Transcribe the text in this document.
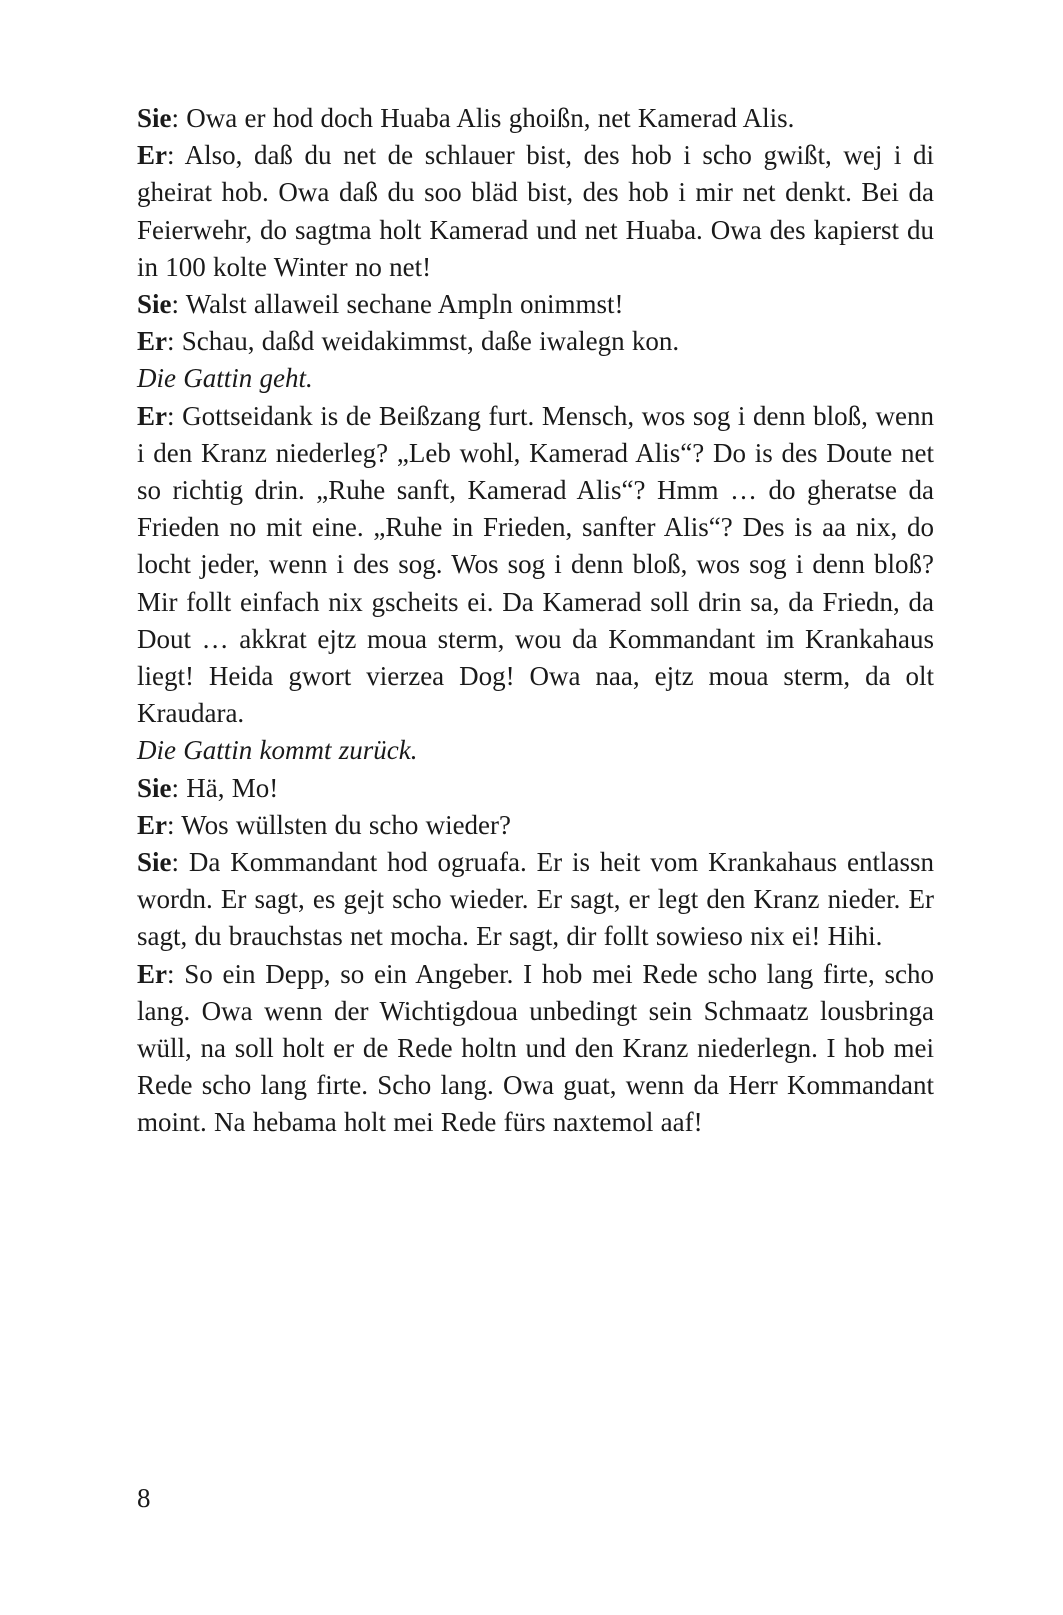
Sie: Owa er hod doch Huaba Alis ghoißn, net Kamerad Alis.

Er: Also, daß du net de schlauer bist, des hob i scho gwißt, wej i di gheirat hob. Owa daß du soo bläd bist, des hob i mir net denkt. Bei da Feierwehr, do sagtma holt Kamerad und net Huaba. Owa des kapierst du in 100 kolte Winter no net!

Sie: Walst allaweil sechane Ampln onimmst!

Er: Schau, daßd weidakimmst, daße iwalegn kon.

Die Gattin geht.

Er: Gottseidank is de Beißzang furt. Mensch, wos sog i denn bloß, wenn i den Kranz niederleg? „Leb wohl, Kamerad Alis“? Do is des Doute net so richtig drin. „Ruhe sanft, Kamerad Alis“? Hmm … do gheratse da Frieden no mit eine. „Ruhe in Frieden, sanfter Alis“? Des is aa nix, do locht jeder, wenn i des sog. Wos sog i denn bloß, wos sog i denn bloß? Mir follt einfach nix gscheits ei. Da Kamerad soll drin sa, da Friedn, da Dout … akkrat ejtz moua sterm, wou da Kommandant im Krankahaus liegt! Heida gwort vierzea Dog! Owa naa, ejtz moua sterm, da olt Kraudara.

Die Gattin kommt zurück.

Sie: Hä, Mo!

Er: Wos wüllsten du scho wieder?

Sie: Da Kommandant hod ogruafa. Er is heit vom Krankahaus entlassn wordn. Er sagt, es gejt scho wieder. Er sagt, er legt den Kranz nieder. Er sagt, du brauchstas net mocha. Er sagt, dir follt sowieso nix ei! Hihi.

Er: So ein Depp, so ein Angeber. I hob mei Rede scho lang firte, scho lang. Owa wenn der Wichtigdoua unbedingt sein Schmaatz lousbringa wüll, na soll holt er de Rede holtn und den Kranz niederlegn. I hob mei Rede scho lang firte. Scho lang. Owa guat, wenn da Herr Kommandant moint. Na hebama holt mei Rede fürs naxtemol aaf!

8
